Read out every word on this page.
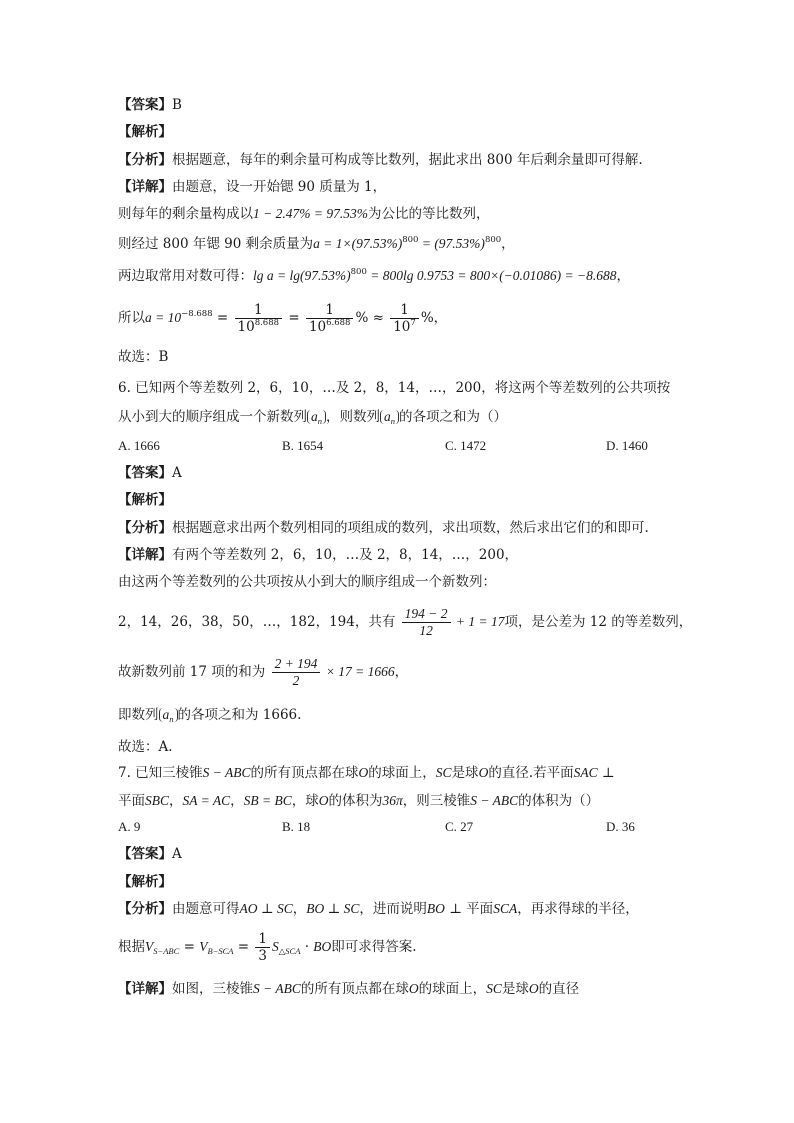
【答案】B
【解析】
【分析】根据题意，每年的剩余量可构成等比数列，据此求出 800 年后剩余量即可得解.
【详解】由题意，设一开始锶 90 质量为 1，
则每年的剩余量构成以1 − 2.47% = 97.53%为公比的等比数列，
则经过 800 年锶 90 剩余质量为$a = 1\times(97.53\%)^{800} = (97.53\%)^{800}$，
两边取常用对数可得：$\lg a = \lg(97.53\%)^{800} = 800\lg$ 0.9753 = 800×(−0.01086) = −8.688，
所以$a = 10^{-8.688} = \frac{1}{10^{8.688}} = \frac{1}{10^{6.688}}$ % ≈ $\frac{1}{10^7}$ %，
故选：B
6. 已知两个等差数列 2，6，10，…及 2，8，14，…，200，将这两个等差数列的公共项按
从小到大的顺序组成一个新数列 $a_n$ ，则数列 $a_n$ 的各项之和为（）
A. 1666	B. 1654	C. 1472	D. 1460
【答案】A
【解析】
【分析】根据题意求出两个数列相同的项组成的数列，求出项数，然后求出它们的和即可.
【详解】有两个等差数列 2，6，10，…及 2，8，14，…，200，
由这两个等差数列的公共项按从小到大的顺序组成一个新数列：
2，14，26，38，50，…，182，194，共有 $\frac{194 - 2}{12} + 1 = 17$项，是公差为 12 的等差数列，
故新数列前 17 项的和为 $\frac{2 + 194}{2} \times 17 = 1666$，
即数列 $a_n$ 的各项之和为 1666.
故选：A.
7. 已知三棱锥S − ABC的所有顶点都在球O的球面上，SC是球O的直径.若平面SAC ⊥
平面SBC，SA = AC，SB = BC，球O的体积为36π，则三棱锥S − ABC的体积为（）
A. 9	B. 18	C. 27	D. 36
【答案】A
【解析】
【分析】由题意可得AO ⊥ SC，BO ⊥ SC，进而说明BO ⊥ 平面SCA，再求得球的半径，
根据$V_{S-ABC} = V_{B-SCA} = \frac{1}{3} S_{\triangle SCA}$ · BO即可求得答案.
【详解】如图，三棱锥S − ABC的所有顶点都在球O的球面上，SC是球O的直径
